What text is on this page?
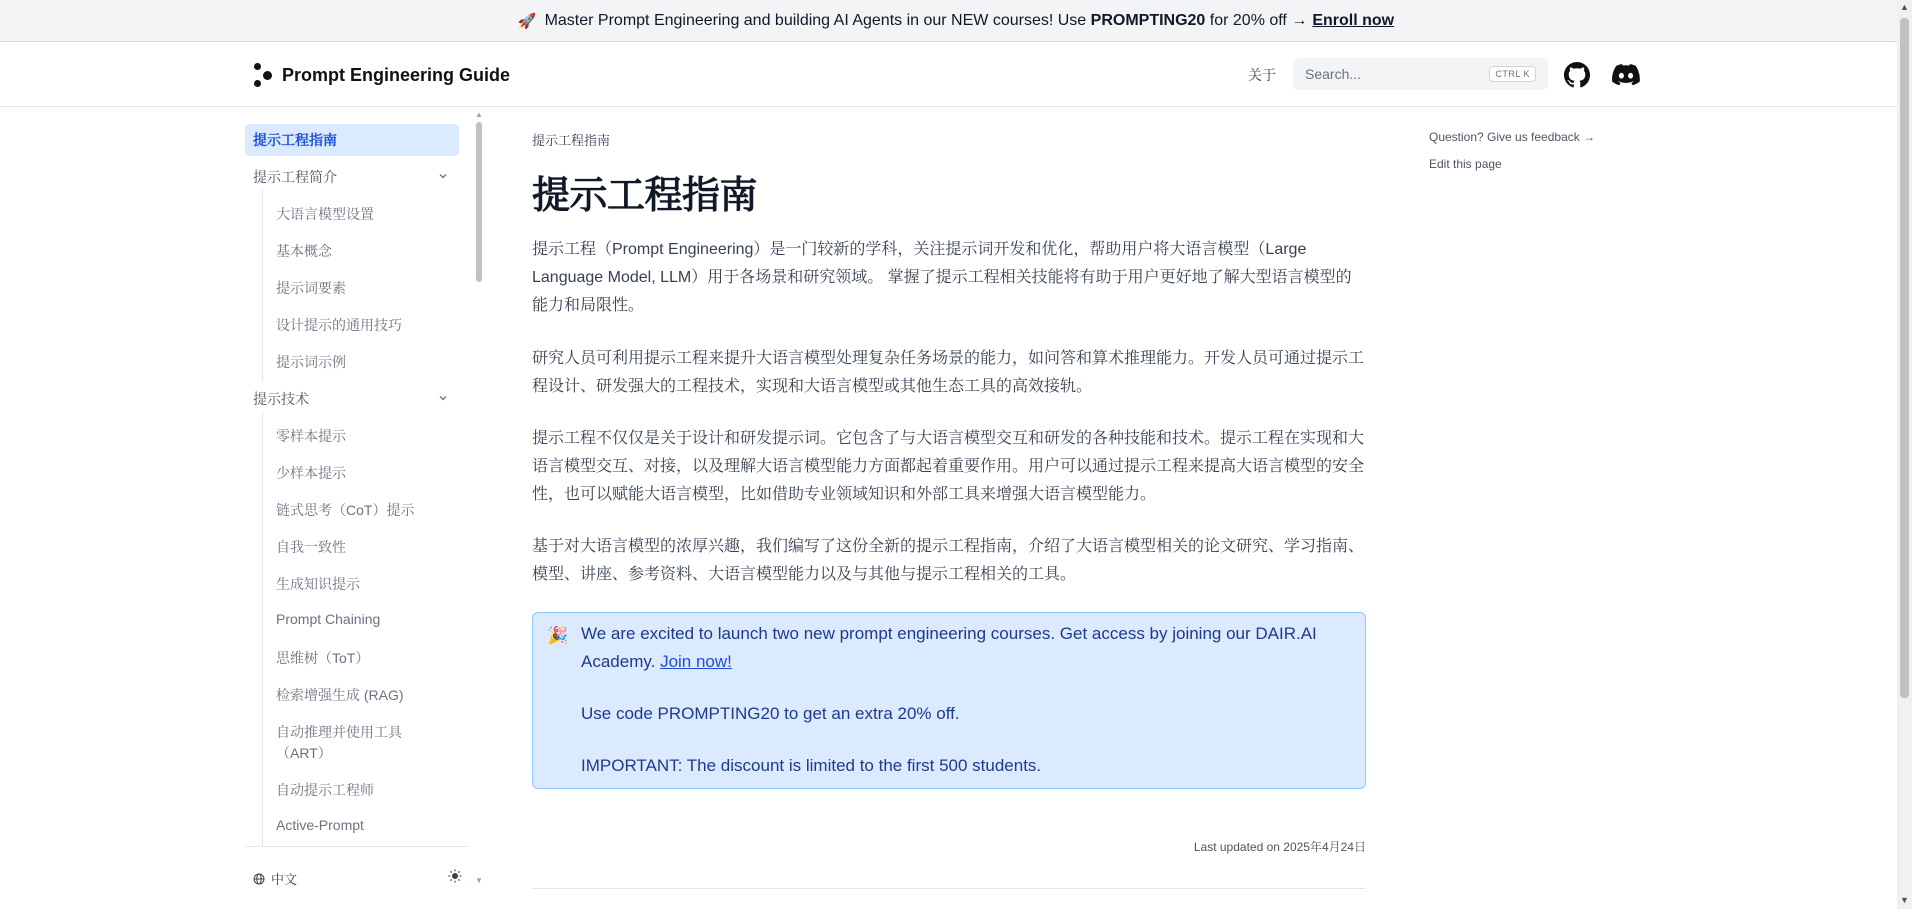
🚀 Master Prompt Engineering and building AI Agents in our NEW courses! Use
PROMPTING20
for 20% off → Enroll now
Prompt Engineering Guide	关于 Search...	CTRL K
提示工程指南
提示工程简介
大语言模型设置
基本概念
提示词要素
设计提示的通用技巧
提示词示例
提示技术
零样本提示
少样本提示
链式思考（CoT）提示
自我一致性
生成知识提示
Prompt Chaining
思维树（ToT）
检索增强生成 (RAG)
自动推理并使用工具
（ART）
自动提示工程师
Active-Prompt
▲
▼
中文
提示工程指南
提示工程指南
提示工程（Prompt Engineering）是一门较新的学科，关注提示词开发和优化，帮助用户将大语言模型（Large
Language Model, LLM）用于各场景和研究领域。 掌握了提示工程相关技能将有助于用户更好地了解大型语言模型的
能力和局限性。
研究人员可利用提示工程来提升大语言模型处理复杂任务场景的能力，如问答和算术推理能力。开发人员可通过提示工
程设计、研发强大的工程技术，实现和大语言模型或其他生态工具的高效接轨。
提示工程不仅仅是关于设计和研发提示词。它包含了与大语言模型交互和研发的各种技能和技术。提示工程在实现和大
语言模型交互、对接，以及理解大语言模型能力方面都起着重要作用。用户可以通过提示工程来提高大语言模型的安全
性，也可以赋能大语言模型，比如借助专业领域知识和外部工具来增强大语言模型能力。
基于对大语言模型的浓厚兴趣，我们编写了这份全新的提示工程指南，介绍了大语言模型相关的论文研究、学习指南、
模型、讲座、参考资料、大语言模型能力以及与其他与提示工程相关的工具。
🎉 We are excited to launch two new prompt engineering courses. Get access by joining our DAIR.AI
Academy. Join now!
Use code PROMPTING20 to get an extra 20% off.
IMPORTANT: The discount is limited to the first 500 students.
Last updated on 2025年4月24日
Question? Give us feedback →
Edit this page
▲
▼
